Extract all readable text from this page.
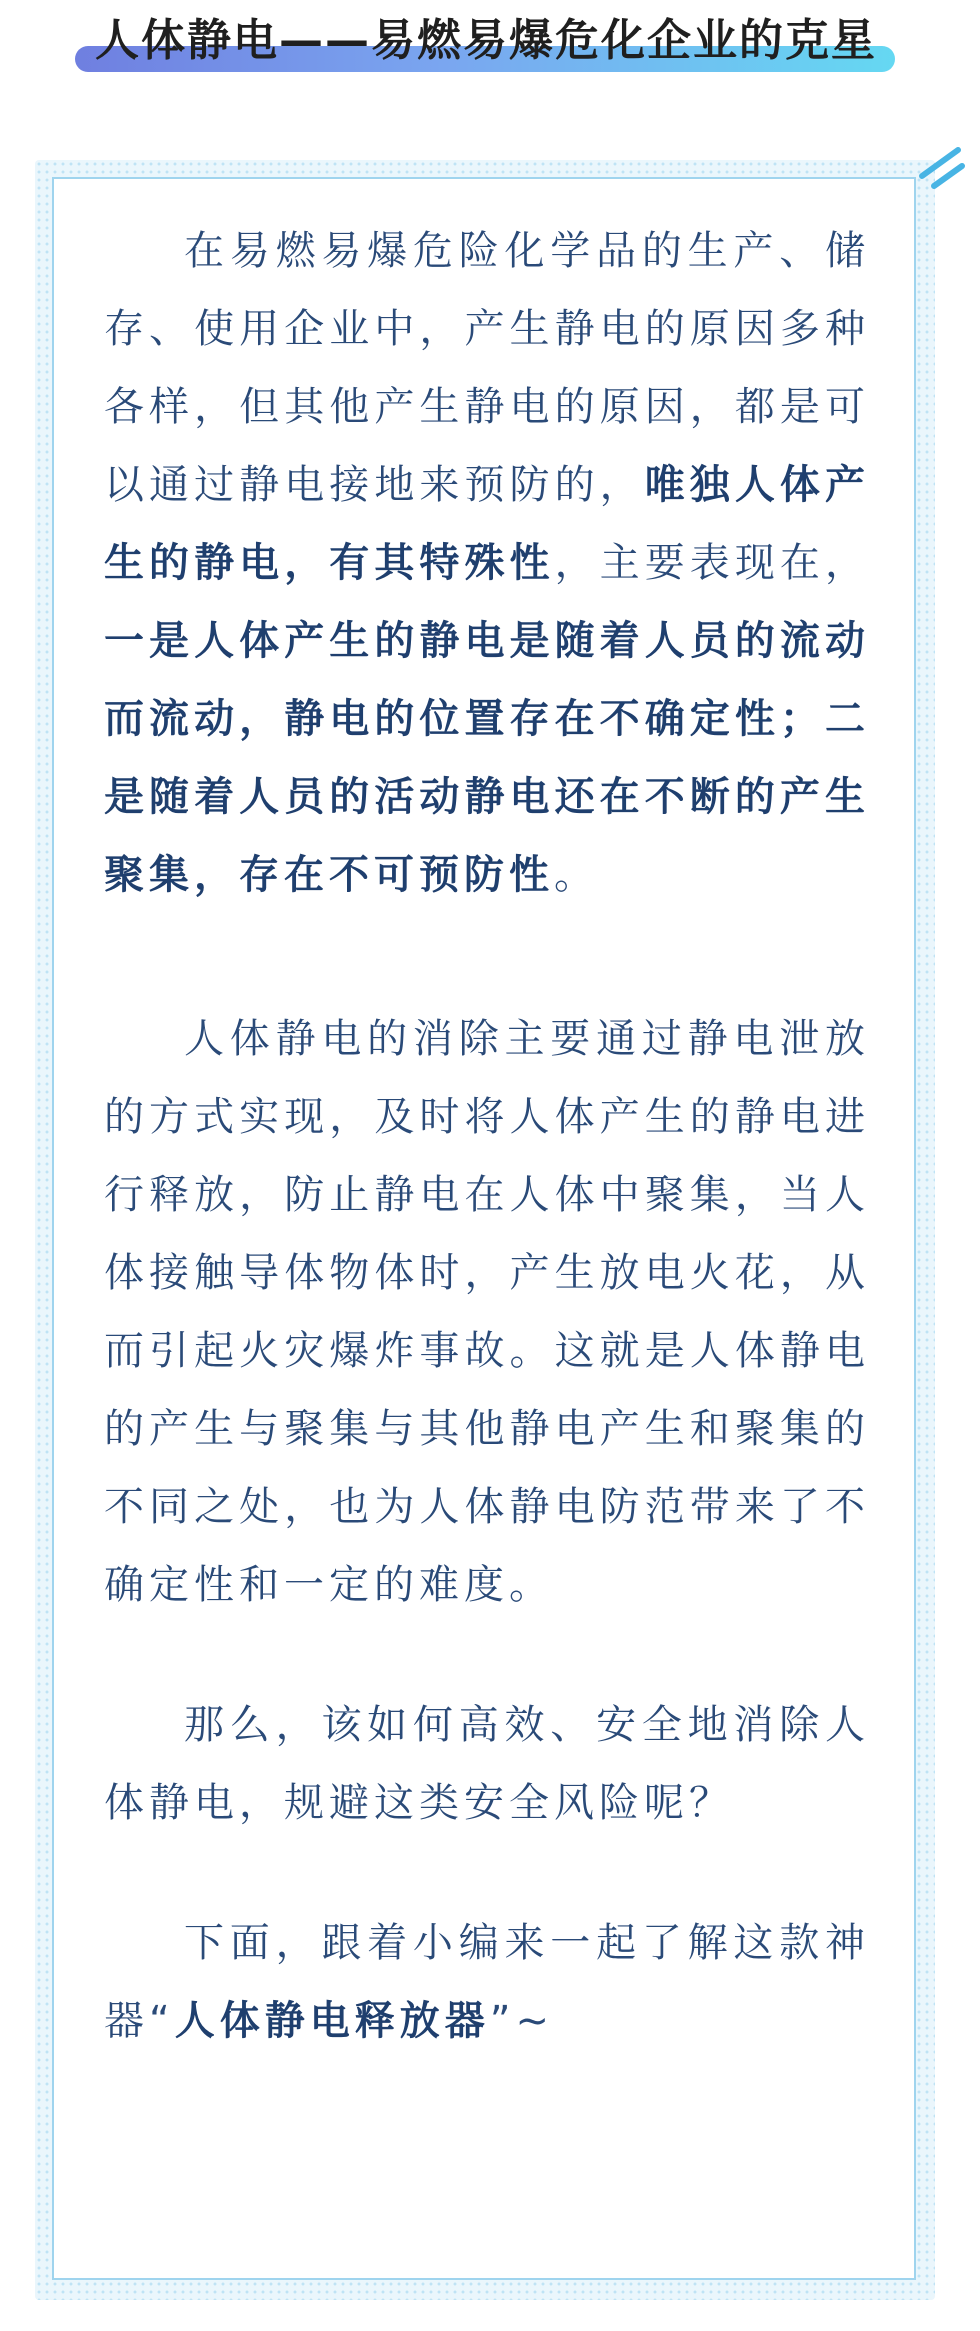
人体静电——易燃易爆危化企业的克星

在易燃易爆危险化学品的生产、储存、使用企业中，产生静电的原因多种各样，但其他产生静电的原因，都是可以通过静电接地来预防的，唯独人体产生的静电，有其特殊性，主要表现在，一是人体产生的静电是随着人员的流动而流动，静电的位置存在不确定性；二是随着人员的活动静电还在不断的产生聚集，存在不可预防性。

人体静电的消除主要通过静电泄放的方式实现，及时将人体产生的静电进行释放，防止静电在人体中聚集，当人体接触导体物体时，产生放电火花，从而引起火灾爆炸事故。这就是人体静电的产生与聚集与其他静电产生和聚集的不同之处，也为人体静电防范带来了不确定性和一定的难度。

那么，该如何高效、安全地消除人体静电，规避这类安全风险呢？

下面，跟着小编来一起了解这款神器“人体静电释放器”~
